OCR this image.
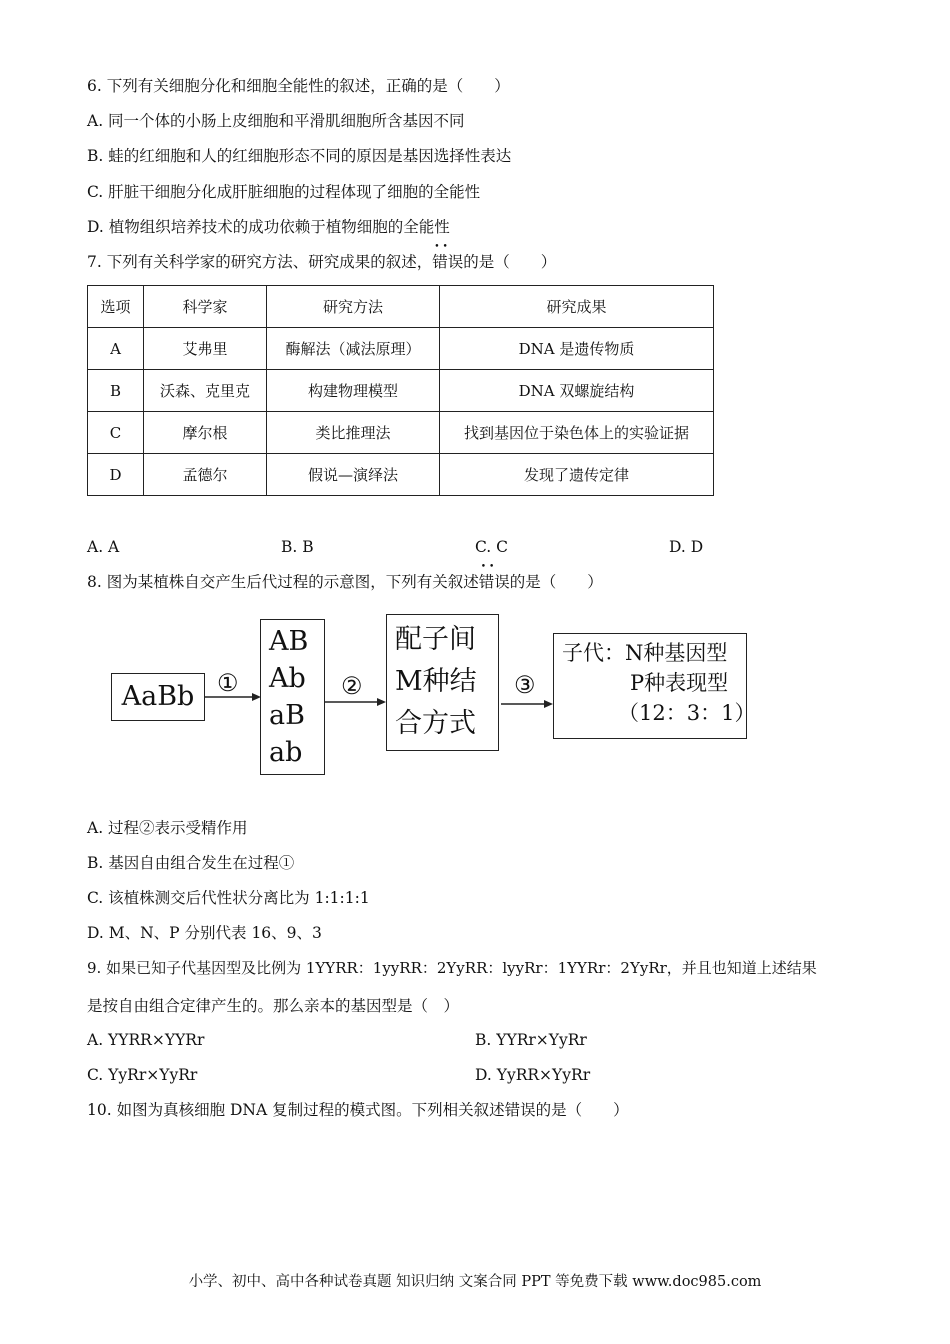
6. 下列有关细胞分化和细胞全能性的叙述，正确的是（　　）
A. 同一个体的小肠上皮细胞和平滑肌细胞所含基因不同
B. 蛙的红细胞和人的红细胞形态不同的原因是基因选择性表达
C. 肝脏干细胞分化成肝脏细胞的过程体现了细胞的全能性
D. 植物组织培养技术的成功依赖于植物细胞的全能性
7. 下列有关科学家的研究方法、研究成果的叙述，•• 错误的是（　　）
选项	科学家	研究方法	研究成果
A	艾弗里	酶解法（减法原理）	DNA 是遗传物质
B	沃森、克里克	构建物理模型	DNA 双螺旋结构
C	摩尔根	类比推理法	找到基因位于染色体上的实验证据
D	孟德尔	假说—演绎法	发现了遗传定律
A. A	B. B	C. C	D. D
8. 图为某植株自交产生后代过程的示意图，下列有关叙述•• 错误的是（　　）
AaBb ①
AB
Ab
aB
ab
②
配子间
M种结
合方式
③
子代：N种基因型
P种表现型
（12：3：1）
A. 过程②表示受精作用
B. 基因自由组合发生在过程①
C. 该植株测交后代性状分离比为 1:1:1:1
D. M、N、P 分别代表 16、9、3
9. 如果已知子代基因型及比例为 1YYRR：1yyRR：2YyRR：lyyRr：1YYRr：2YyRr，并且也知道上述结果
是按自由组合定律产生的。那么亲本的基因型是（　）
A. YYRR×YYRr	B. YYRr×YyRr
C. YyRr×YyRr	D. YyRR×YyRr
10. 如图为真核细胞 DNA 复制过程的模式图。下列相关叙述错误的是（　　）
小学、初中、高中各种试卷真题 知识归纳 文案合同 PPT 等免费下载 www.doc985.com
